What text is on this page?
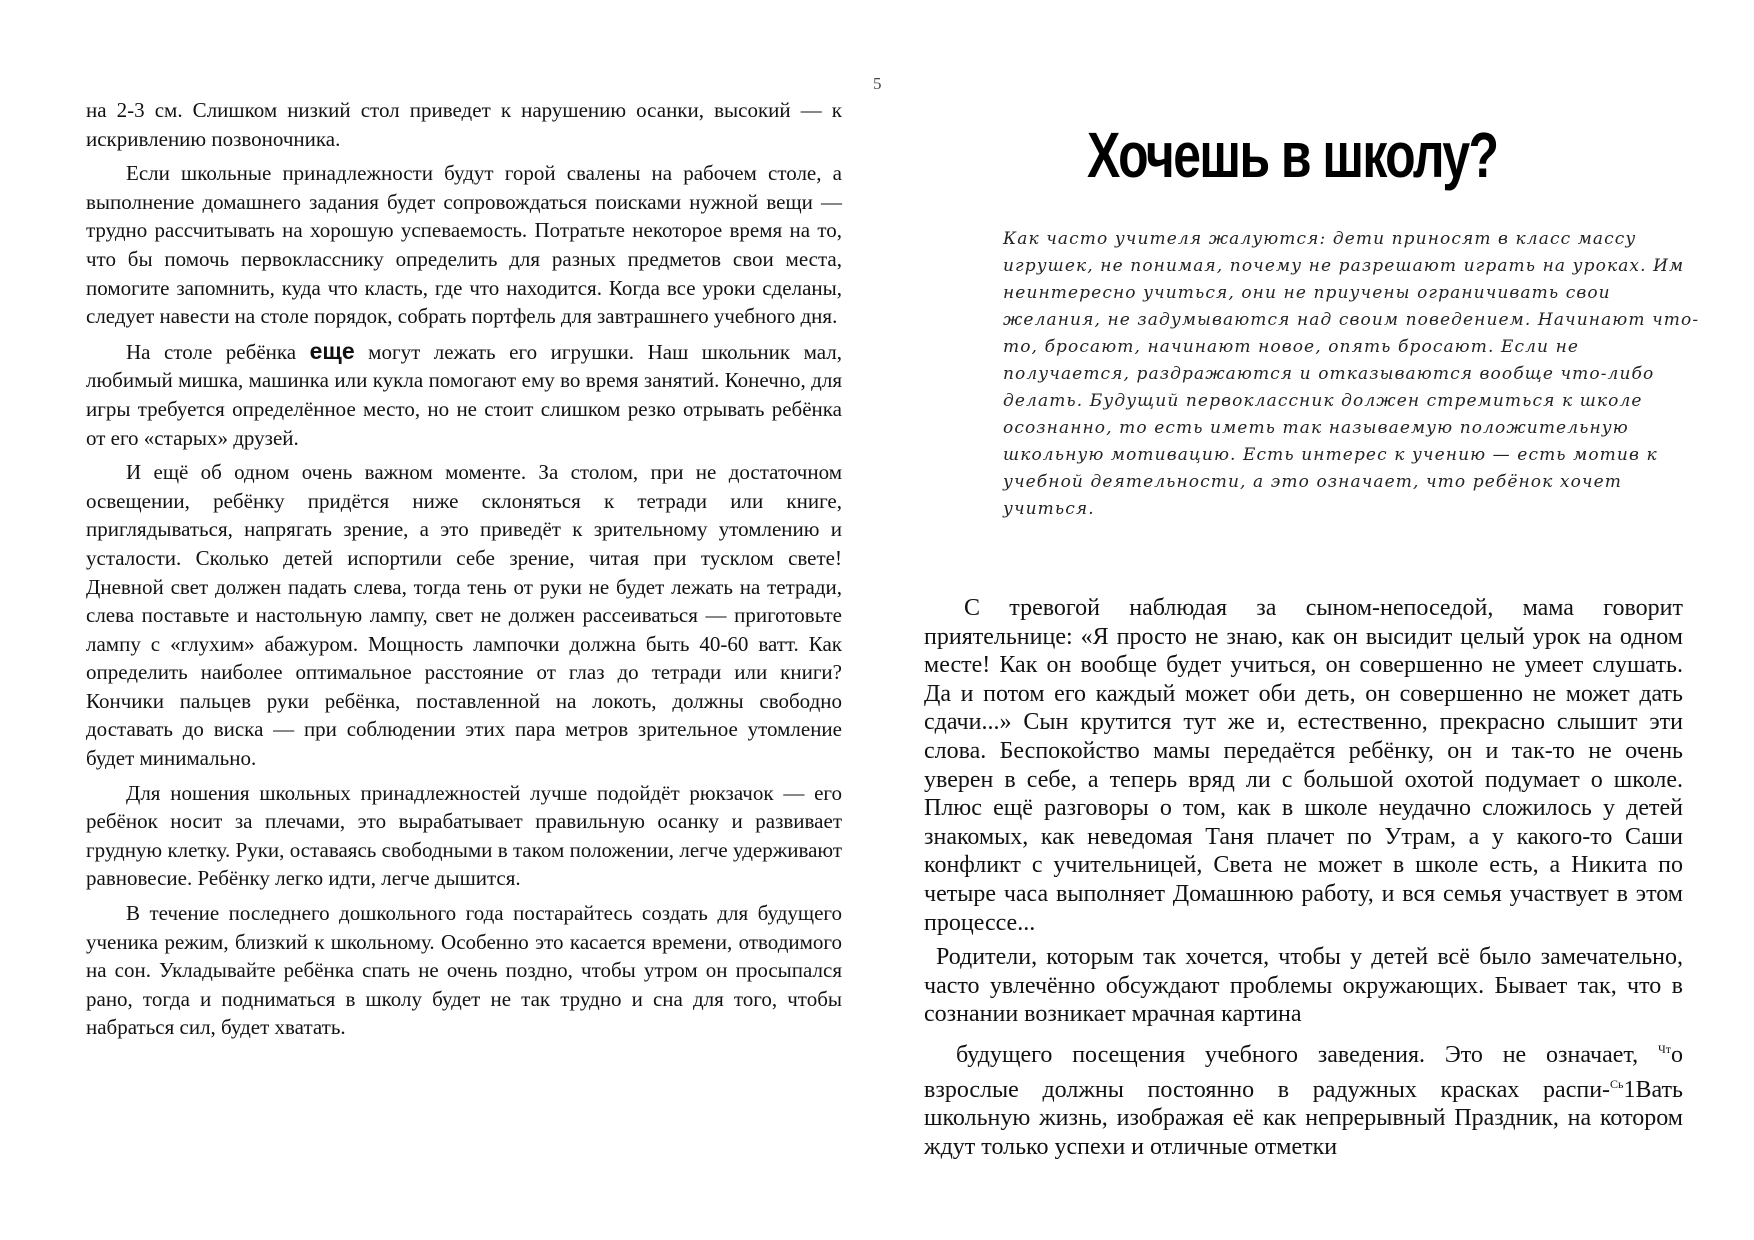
на 2-3 см. Слишком низкий стол приведет к нарушению осанки, высокий — к искривлению позвоночника.

Если школьные принадлежности будут горой свалены на рабочем столе, а выполнение домашнего задания будет сопровождаться поисками нужной вещи — трудно рассчитывать на хорошую успеваемость. Потратьте некоторое время на то, что бы помочь первокласснику определить для разных предметов свои места, помогите запомнить, куда что класть, где что находится. Когда все уроки сделаны, следует навести на столе порядок, собрать портфель для завтрашнего учебного дня.

На столе ребёнка еще могут лежать его игрушки. Наш школьник мал, любимый мишка, машинка или кукла помогают ему во время занятий. Конечно, для игры требуется определённое место, но не стоит слишком резко отрывать ребёнка от его «старых» друзей.

И ещё об одном очень важном моменте. За столом, при не достаточном освещении, ребёнку придётся ниже склоняться к тетради или книге, приглядываться, напрягать зрение, а это приведёт к зрительному утомлению и усталости. Сколько детей испортили себе зрение, читая при тусклом свете! Дневной свет должен падать слева, тогда тень от руки не будет лежать на тетради, слева поставьте и настольную лампу, свет не должен рассеиваться — приготовьте лампу с «глухим» абажуром. Мощность лампочки должна быть 40-60 ватт. Как определить наиболее оптимальное расстояние от глаз до тетради или книги? Кончики пальцев руки ребёнка, поставленной на локоть, должны свободно доставать до виска — при соблюдении этих пара метров зрительное утомление будет минимально.

Для ношения школьных принадлежностей лучше подойдёт рюкзачок — его ребёнок носит за плечами, это вырабатывает правильную осанку и развивает грудную клетку. Руки, оставаясь свободными в таком положении, легче удерживают равновесие. Ребёнку легко идти, легче дышится.

В течение последнего дошкольного года постарайтесь создать для будущего ученика режим, близкий к школьному. Особенно это касается времени, отводимого на сон. Укладывайте ребёнка спать не очень поздно, чтобы утром он просыпался рано, тогда и подниматься в школу будет не так трудно и сна для того, чтобы набраться сил, будет хватать.

5
Хочешь в школу?
Как часто учителя жалуются: дети приносят в класс массу игрушек, не понимая, почему не разрешают играть на уроках. Им неинтересно учиться, они не приучены ограничивать свои желания, не задумываются над своим поведением. Начинают что-то, бросают, начинают новое, опять бросают. Если не получается, раздражаются и отказываются вообще что-либо делать. Будущий первоклассник должен стремиться к школе осознанно, то есть иметь так называемую положительную школьную мотивацию. Есть интерес к учению — есть мотив к учебной деятельности, а это означает, что ребёнок хочет учиться.

С тревогой наблюдая за сыном-непоседой, мама говорит приятельнице: «Я просто не знаю, как он высидит целый урок на одном месте! Как он вообще будет учиться, он совершенно не умеет слушать. Да и потом его каждый может оби деть, он совершенно не может дать сдачи...» Сын крутится тут же и, естественно, прекрасно слышит эти слова. Беспокойство мамы передаётся ребёнку, он и так-то не очень уверен в себе, а теперь вряд ли с большой охотой подумает о школе. Плюс ещё разговоры о том, как в школе неудачно сложилось у детей знакомых, как неведомая Таня плачет по Утрам, а у какого-то Саши конфликт с учительницей, Света не может в школе есть, а Никита по четыре часа выполняет Домашнюю работу, и вся семья участвует в этом процессе...

Родители, которым так хочется, чтобы у детей всё было замечательно, часто увлечённо обсуждают проблемы окружающих. Бывает так, что в сознании возникает мрачная картина

будущего посещения учебного заведения. Это не означает, $^{Чт}$о взрослые должны постоянно в радужных красках распи-$^{Сь}$1Вать школьную жизнь, изображая её как непрерывный Праздник, на котором ждут только успехи и отличные отметки
